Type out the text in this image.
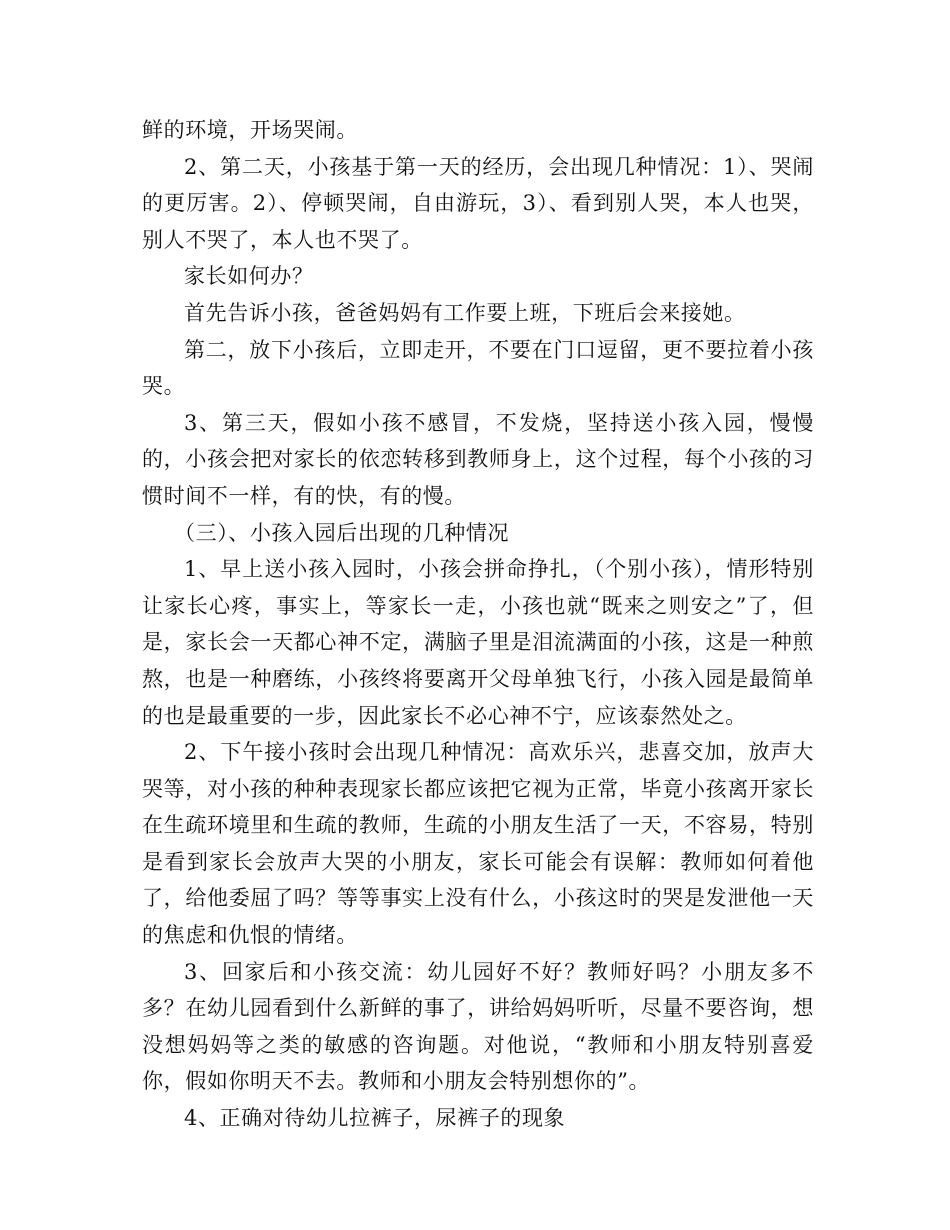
鲜的环境，开场哭闹。

2、第二天，小孩基于第一天的经历，会出现几种情况：1）、哭闹的更厉害。2）、停顿哭闹，自由游玩，3）、看到别人哭，本人也哭，别人不哭了，本人也不哭了。

家长如何办？

首先告诉小孩，爸爸妈妈有工作要上班，下班后会来接她。

第二，放下小孩后，立即走开，不要在门口逗留，更不要拉着小孩哭。

3、第三天，假如小孩不感冒，不发烧，坚持送小孩入园，慢慢的，小孩会把对家长的依恋转移到教师身上，这个过程，每个小孩的习惯时间不一样，有的快，有的慢。

（三）、小孩入园后出现的几种情况

1、早上送小孩入园时，小孩会拼命挣扎，（个别小孩），情形特别让家长心疼，事实上，等家长一走，小孩也就“既来之则安之”了，但是，家长会一天都心神不定，满脑子里是泪流满面的小孩，这是一种煎熬，也是一种磨练，小孩终将要离开父母单独飞行，小孩入园是最简单的也是最重要的一步，因此家长不必心神不宁，应该泰然处之。

2、下午接小孩时会出现几种情况：高欢乐兴，悲喜交加，放声大哭等，对小孩的种种表现家长都应该把它视为正常，毕竟小孩离开家长在生疏环境里和生疏的教师，生疏的小朋友生活了一天，不容易，特别是看到家长会放声大哭的小朋友，家长可能会有误解：教师如何着他了，给他委屈了吗？等等事实上没有什么，小孩这时的哭是发泄他一天的焦虑和仇恨的情绪。

3、回家后和小孩交流：幼儿园好不好？教师好吗？小朋友多不多？在幼儿园看到什么新鲜的事了，讲给妈妈听听，尽量不要咨询，想没想妈妈等之类的敏感的咨询题。对他说，“教师和小朋友特别喜爱你，假如你明天不去。教师和小朋友会特别想你的”。

4、正确对待幼儿拉裤子，尿裤子的现象
